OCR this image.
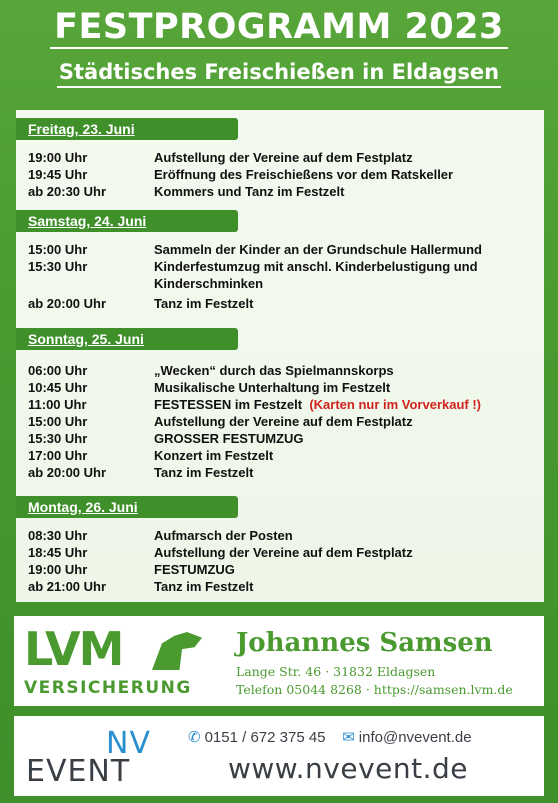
FESTPROGRAMM 2023
Städtisches Freischießen in Eldagsen
Freitag, 23. Juni
19:00 Uhr	Aufstellung der Vereine auf dem Festplatz
19:45 Uhr	Eröffnung des Freischießens vor dem Ratskeller
ab 20:30 Uhr	Kommers und Tanz im Festzelt
Samstag, 24. Juni
15:00 Uhr	Sammeln der Kinder an der Grundschule Hallermund
15:30 Uhr	Kinderfestumzug mit anschl. Kinderbelustigung und Kinderschminken
ab 20:00 Uhr	Tanz im Festzelt
Sonntag, 25. Juni
06:00 Uhr	„Wecken“ durch das Spielmannskorps
10:45 Uhr	Musikalische Unterhaltung im Festzelt
11:00 Uhr	FESTESSEN im Festzelt (Karten nur im Vorverkauf !)
15:00 Uhr	Aufstellung der Vereine auf dem Festplatz
15:30 Uhr	GROSSER FESTUMZUG
17:00 Uhr	Konzert im Festzelt
ab 20:00 Uhr	Tanz im Festzelt
Montag, 26. Juni
08:30 Uhr	Aufmarsch der Posten
18:45 Uhr	Aufstellung der Vereine auf dem Festplatz
19:00 Uhr	FESTUMZUG
ab 21:00 Uhr	Tanz im Festzelt
LVM
VERSICHERUNG
Johannes Samsen
Lange Str. 46 · 31832 Eldagsen
Telefon 05044 8268 · https://samsen.lvm.de
NV
EVENT
✆ 0151 / 672 375 45 ✉ info@nvevent.de
www.nvevent.de
